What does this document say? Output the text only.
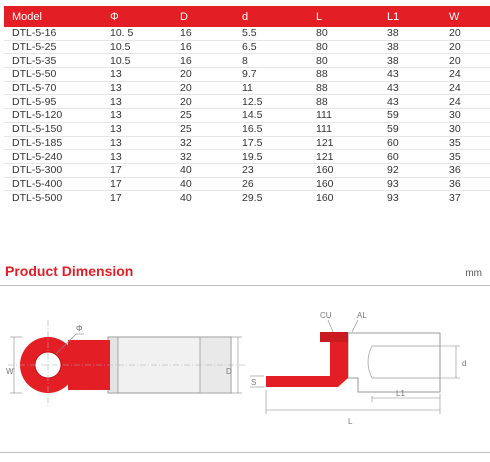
Model	Φ	D	d	L	L1	W
DTL-5-16	10. 5	16	5.5	80	38	20
DTL-5-25	10.5	16	6.5	80	38	20
DTL-5-35	10.5	16	8	80	38	20
DTL-5-50	13	20	9.7	88	43	24
DTL-5-70	13	20	11	88	43	24
DTL-5-95	13	20	12.5	88	43	24
DTL-5-120	13	25	14.5	111	59	30
DTL-5-150	13	25	16.5	111	59	30
DTL-5-185	13	32	17.5	121	60	35
DTL-5-240	13	32	19.5	121	60	35
DTL-5-300	17	40	23	160	92	36
DTL-5-400	17	40	26	160	93	36
DTL-5-500	17	40	29.5	160	93	37
Product Dimension	mm
Φ
W	D
CU	AL
S
d
L1
L
